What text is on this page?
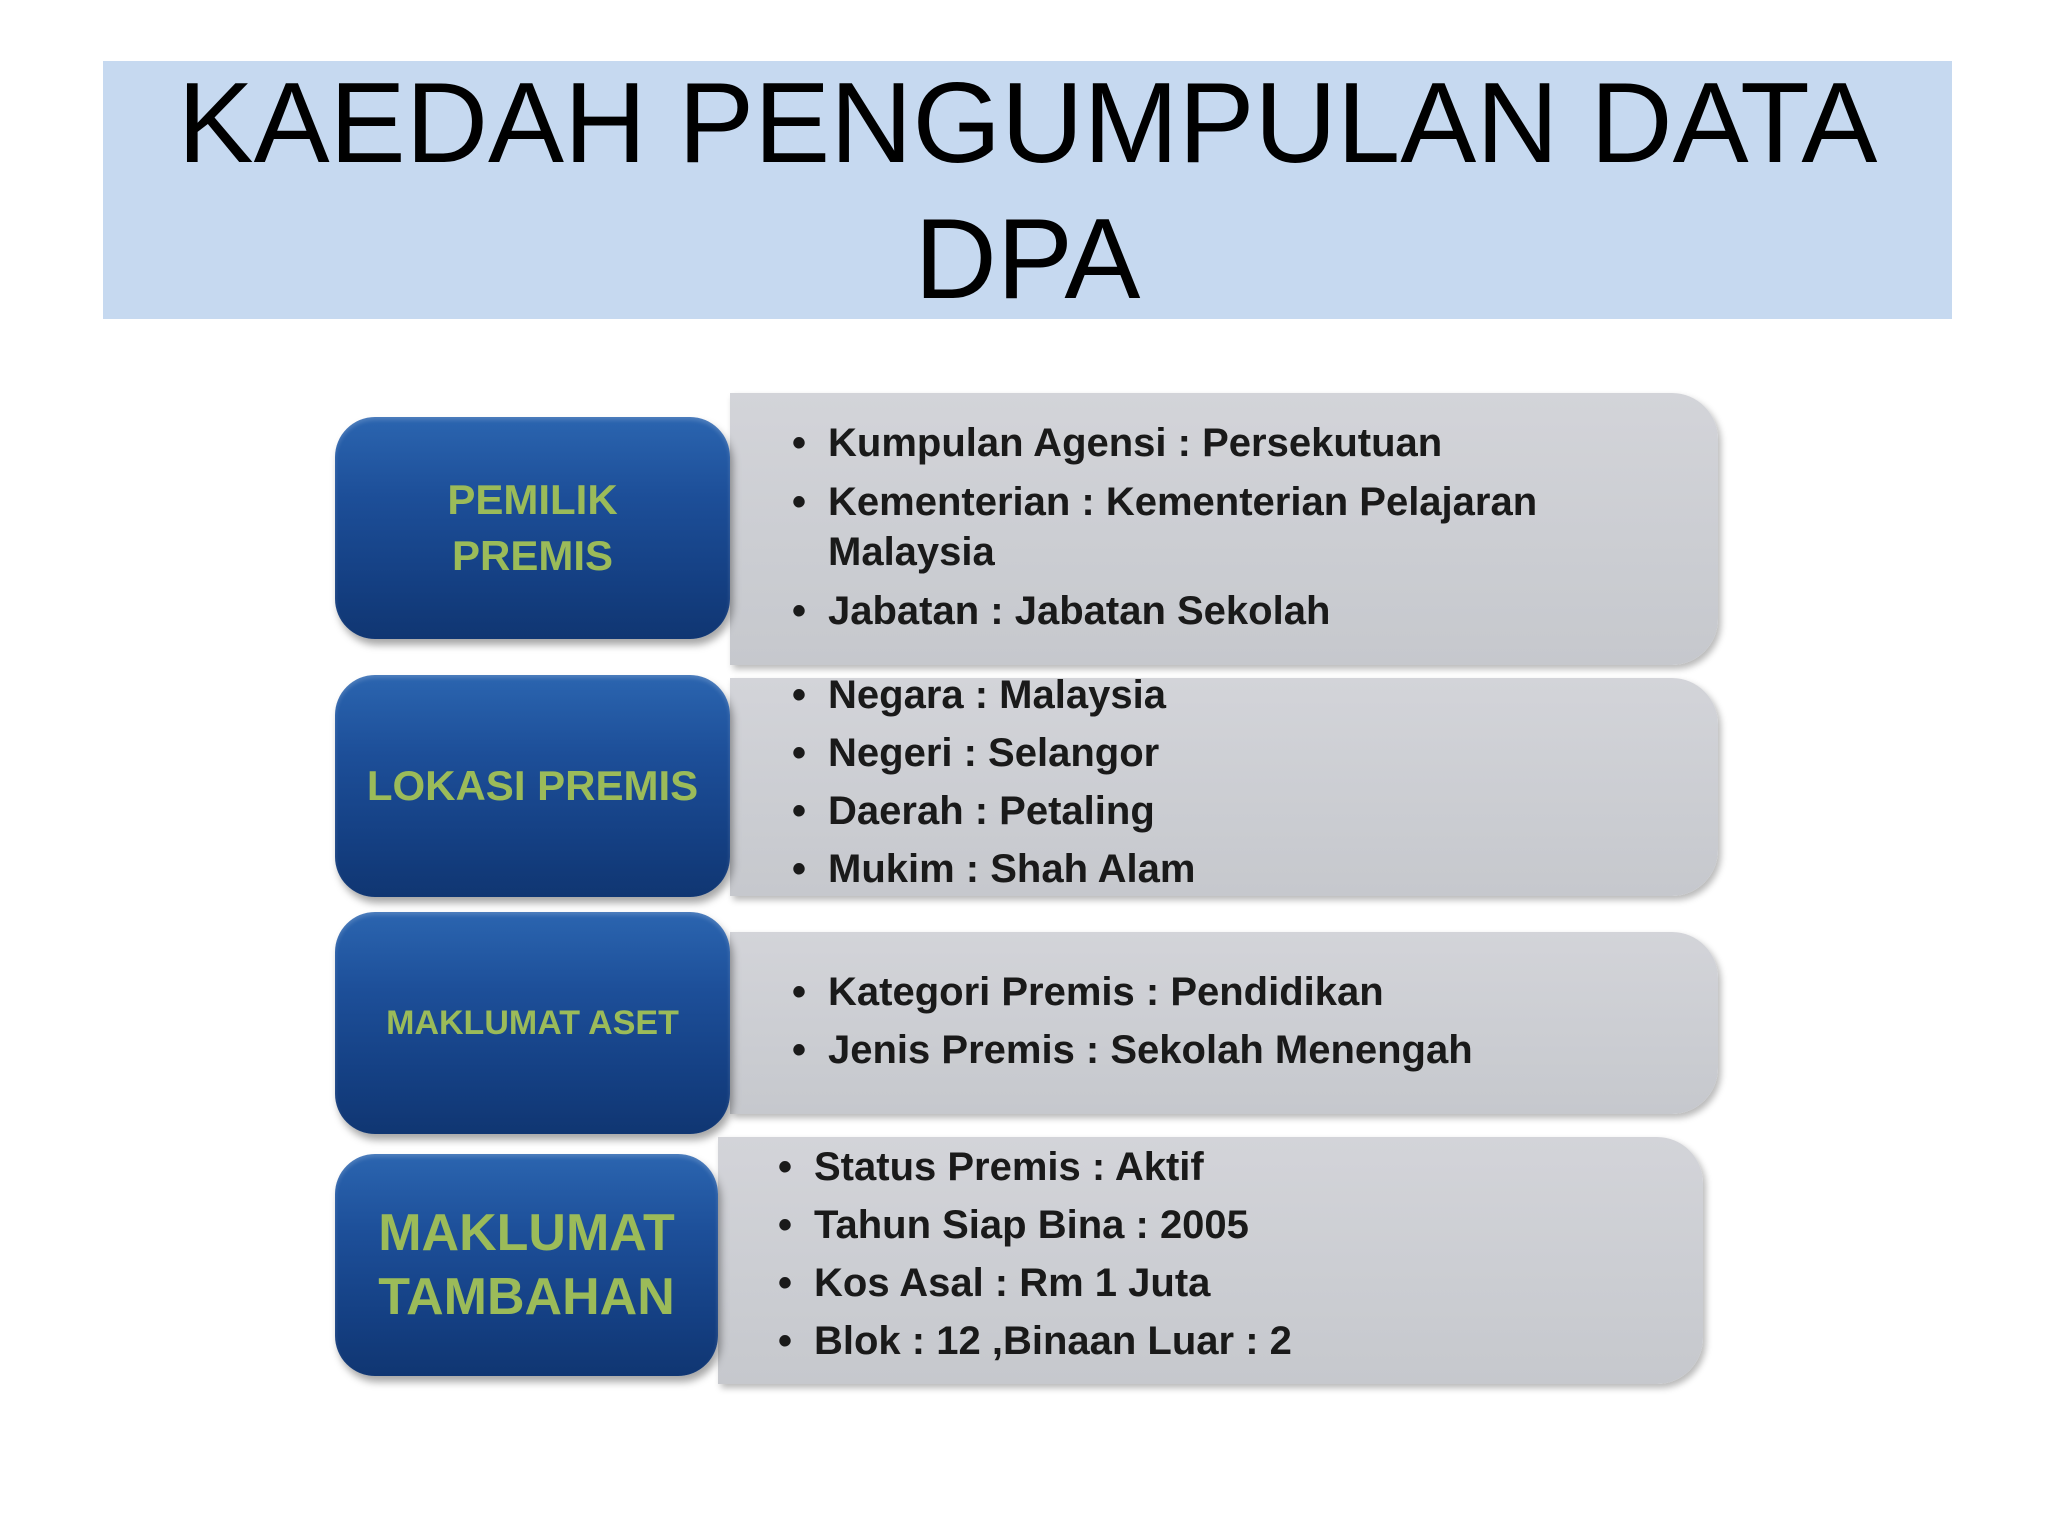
KAEDAH PENGUMPULAN DATA DPA
• Kumpulan Agensi : Persekutuan
• Kementerian : Kementerian Pelajaran Malaysia
• Jabatan : Jabatan Sekolah
PEMILIK
PREMIS
• Negara : Malaysia
• Negeri : Selangor
• Daerah : Petaling
• Mukim : Shah Alam
LOKASI PREMIS
• Kategori Premis : Pendidikan
• Jenis Premis : Sekolah Menengah
MAKLUMAT ASET
• Status Premis : Aktif
• Tahun Siap Bina : 2005
• Kos Asal : Rm 1 Juta
• Blok : 12 ,Binaan Luar : 2
MAKLUMAT
TAMBAHAN
